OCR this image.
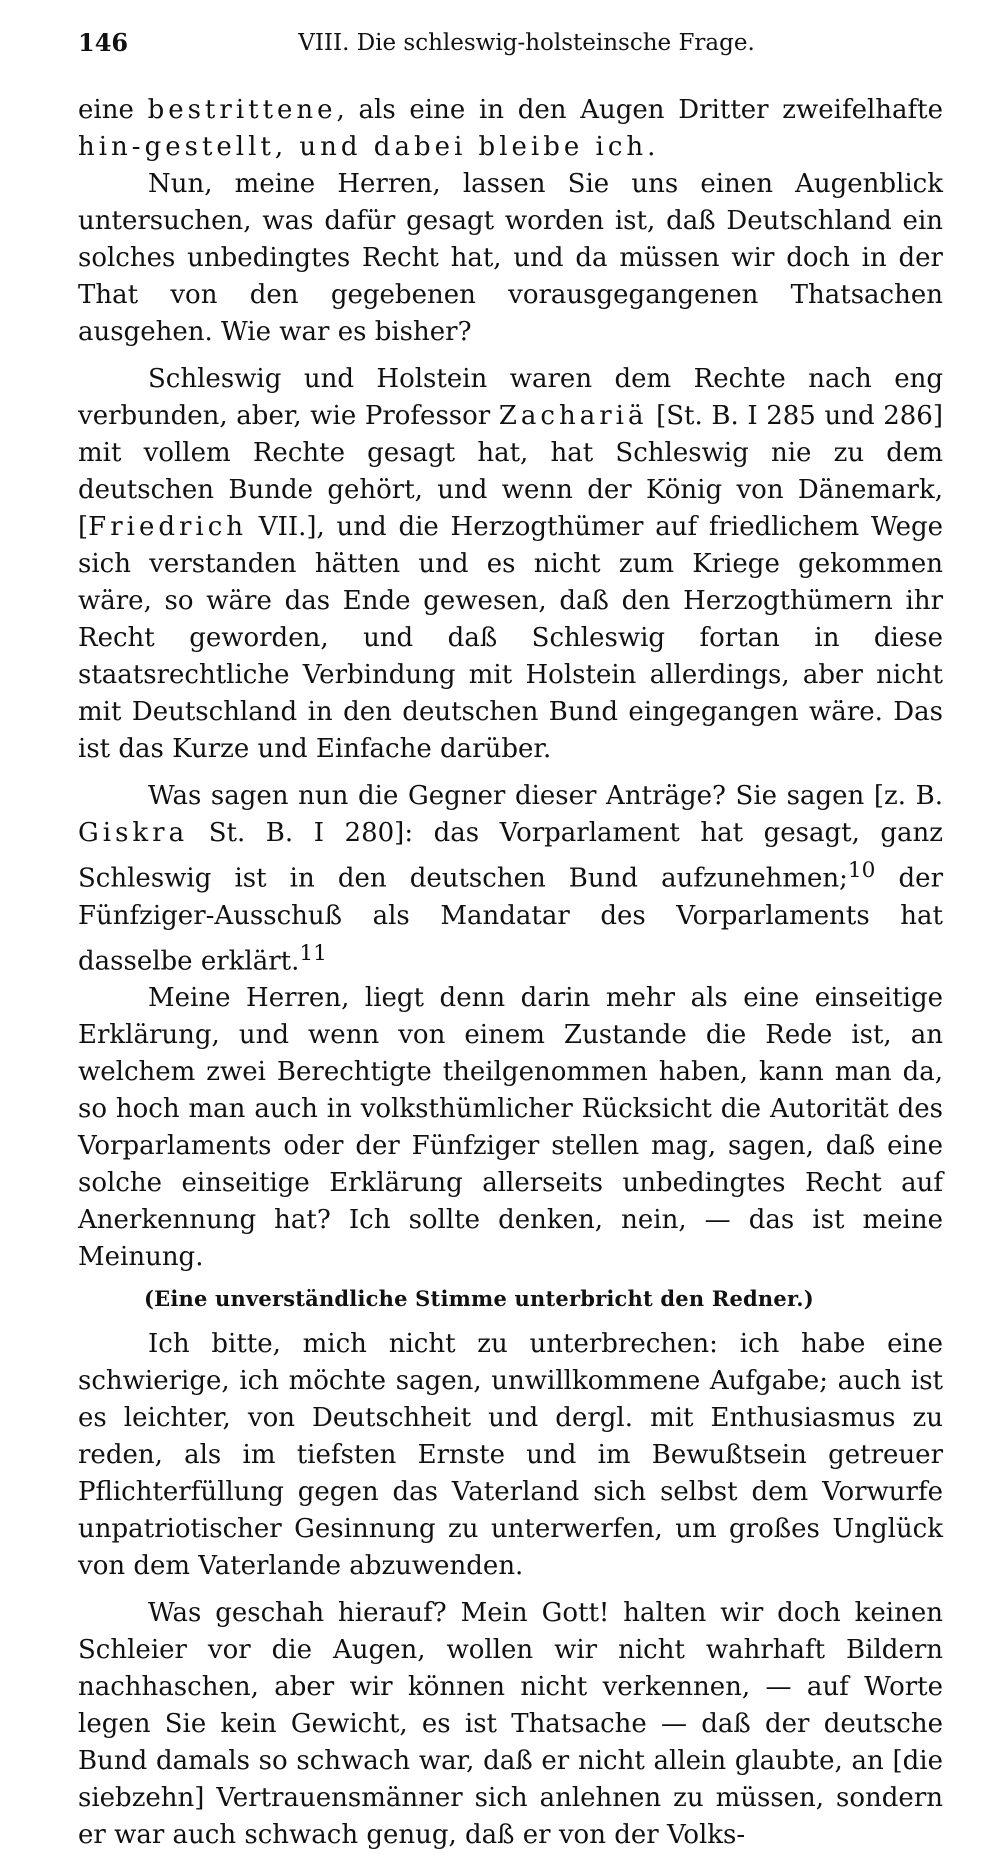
146	VIII. Die schleswig-holsteinsche Frage.

eine bestrittene, als eine in den Augen Dritter zweifelhafte hin-gestellt, und dabei bleibe ich.

Nun, meine Herren, lassen Sie uns einen Augenblick untersuchen, was dafür gesagt worden ist, daß Deutschland ein solches unbedingtes Recht hat, und da müssen wir doch in der That von den gegebenen vorausgegangenen Thatsachen ausgehen. Wie war es bisher?

Schleswig und Holstein waren dem Rechte nach eng verbunden, aber, wie Professor Zachariä [St. B. I 285 und 286] mit vollem Rechte gesagt hat, hat Schleswig nie zu dem deutschen Bunde gehört, und wenn der König von Dänemark, [Friedrich VII.], und die Herzogthümer auf friedlichem Wege sich verstanden hätten und es nicht zum Kriege gekommen wäre, so wäre das Ende gewesen, daß den Herzogthümern ihr Recht geworden, und daß Schleswig fortan in diese staatsrechtliche Verbindung mit Holstein allerdings, aber nicht mit Deutschland in den deutschen Bund eingegangen wäre. Das ist das Kurze und Einfache darüber.

Was sagen nun die Gegner dieser Anträge? Sie sagen [z. B. Giskra St. B. I 280]: das Vorparlament hat gesagt, ganz Schleswig ist in den deutschen Bund aufzunehmen;$^{10}$ der Fünfziger-Ausschuß als Mandatar des Vorparlaments hat dasselbe erklärt.$^{11}$

Meine Herren, liegt denn darin mehr als eine einseitige Erklärung, und wenn von einem Zustande die Rede ist, an welchem zwei Berechtigte theilgenommen haben, kann man da, so hoch man auch in volksthümlicher Rücksicht die Autorität des Vorparlaments oder der Fünfziger stellen mag, sagen, daß eine solche einseitige Erklärung allerseits unbedingtes Recht auf Anerkennung hat? Ich sollte denken, nein, — das ist meine Meinung.

(Eine unverständliche Stimme unterbricht den Redner.)

Ich bitte, mich nicht zu unterbrechen: ich habe eine schwierige, ich möchte sagen, unwillkommene Aufgabe; auch ist es leichter, von Deutschheit und dergl. mit Enthusiasmus zu reden, als im tiefsten Ernste und im Bewußtsein getreuer Pflichterfüllung gegen das Vaterland sich selbst dem Vorwurfe unpatriotischer Gesinnung zu unterwerfen, um großes Unglück von dem Vaterlande abzuwenden.

Was geschah hierauf? Mein Gott! halten wir doch keinen Schleier vor die Augen, wollen wir nicht wahrhaft Bildern nachhaschen, aber wir können nicht verkennen, — auf Worte legen Sie kein Gewicht, es ist Thatsache — daß der deutsche Bund damals so schwach war, daß er nicht allein glaubte, an [die siebzehn] Vertrauensmänner sich anlehnen zu müssen, sondern er war auch schwach genug, daß er von der Volks-
